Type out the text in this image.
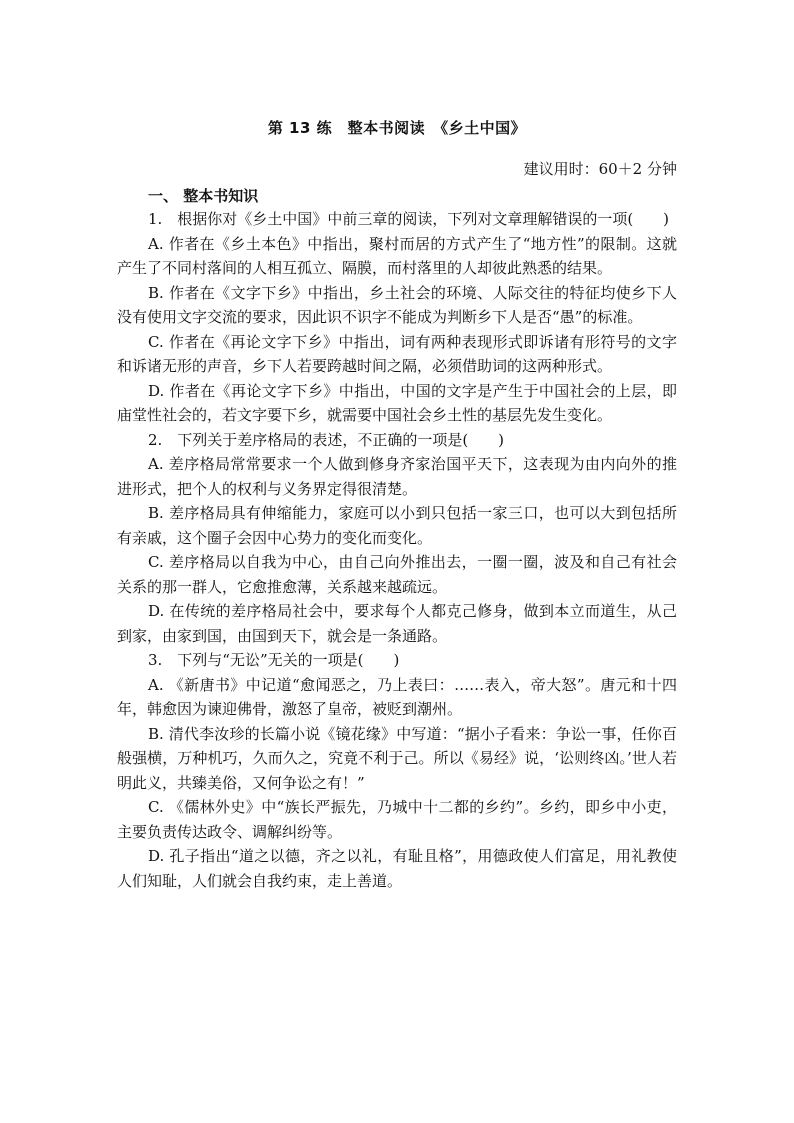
第 13 练　整本书阅读　《乡土中国》
建议用时：60＋2 分钟
一、 整本书知识

1.　根据你对《乡土中国》中前三章的阅读，下列对文章理解错误的一项(　　)

A. 作者在《乡土本色》中指出，聚村而居的方式产生了“地方性”的限制。这就产生了不同村落间的人相互孤立、隔膜，而村落里的人却彼此熟悉的结果。

B. 作者在《文字下乡》中指出，乡土社会的环境、人际交往的特征均使乡下人没有使用文字交流的要求，因此识不识字不能成为判断乡下人是否“愚”的标准。

C. 作者在《再论文字下乡》中指出，词有两种表现形式即诉诸有形符号的文字和诉诸无形的声音，乡下人若要跨越时间之隔，必须借助词的这两种形式。

D. 作者在《再论文字下乡》中指出，中国的文字是产生于中国社会的上层，即庙堂性社会的，若文字要下乡，就需要中国社会乡土性的基层先发生变化。

2.　下列关于差序格局的表述，不正确的一项是(　　)

A. 差序格局常常要求一个人做到修身齐家治国平天下，这表现为由内向外的推进形式，把个人的权利与义务界定得很清楚。

B. 差序格局具有伸缩能力，家庭可以小到只包括一家三口，也可以大到包括所有亲戚，这个圈子会因中心势力的变化而变化。

C. 差序格局以自我为中心，由自己向外推出去，一圈一圈，波及和自己有社会关系的那一群人，它愈推愈薄，关系越来越疏远。

D. 在传统的差序格局社会中，要求每个人都克己修身，做到本立而道生，从己到家，由家到国，由国到天下，就会是一条通路。

3.　下列与“无讼”无关的一项是(　　)

A. 《新唐书》中记道“愈闻恶之，乃上表曰：……表入，帝大怒”。唐元和十四年，韩愈因为谏迎佛骨，激怒了皇帝，被贬到潮州。

B. 清代李汝珍的长篇小说《镜花缘》中写道：“据小子看来：争讼一事，任你百般强横，万种机巧，久而久之，究竟不利于己。所以《易经》说，‘讼则终凶。’世人若明此义，共臻美俗，又何争讼之有！”

C. 《儒林外史》中“族长严振先，乃城中十二都的乡约”。乡约，即乡中小吏，主要负责传达政令、调解纠纷等。

D. 孔子指出“道之以德，齐之以礼，有耻且格”，用德政使人们富足，用礼教使人们知耻，人们就会自我约束，走上善道。
